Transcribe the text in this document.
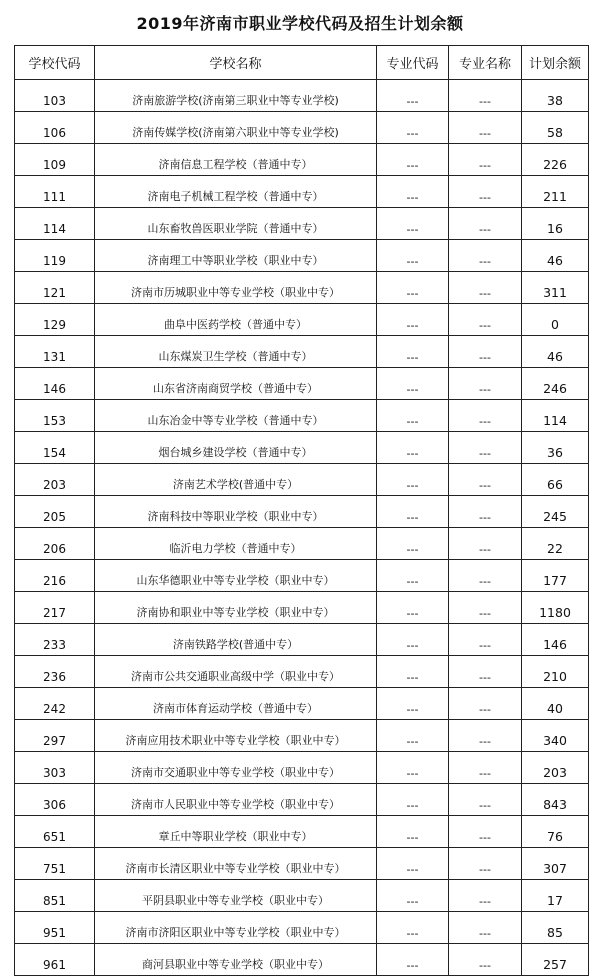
2019年济南市职业学校代码及招生计划余额
学校代码	学校名称	专业代码	专业名称	计划余额
103	济南旅游学校(济南第三职业中等专业学校)	---	---	38
106	济南传媒学校(济南第六职业中等专业学校)	---	---	58
109	济南信息工程学校（普通中专）	---	---	226
111	济南电子机械工程学校（普通中专）	---	---	211
114	山东畜牧兽医职业学院（普通中专）	---	---	16
119	济南理工中等职业学校（职业中专）	---	---	46
121	济南市历城职业中等专业学校（职业中专）	---	---	311
129	曲阜中医药学校（普通中专）	---	---	0
131	山东煤炭卫生学校（普通中专）	---	---	46
146	山东省济南商贸学校（普通中专）	---	---	246
153	山东冶金中等专业学校（普通中专）	---	---	114
154	烟台城乡建设学校（普通中专）	---	---	36
203	济南艺术学校(普通中专）	---	---	66
205	济南科技中等职业学校（职业中专）	---	---	245
206	临沂电力学校（普通中专）	---	---	22
216	山东华德职业中等专业学校（职业中专）	---	---	177
217	济南协和职业中等专业学校（职业中专）	---	---	1180
233	济南铁路学校(普通中专）	---	---	146
236	济南市公共交通职业高级中学（职业中专）	---	---	210
242	济南市体育运动学校（普通中专）	---	---	40
297	济南应用技术职业中等专业学校（职业中专）	---	---	340
303	济南市交通职业中等专业学校（职业中专）	---	---	203
306	济南市人民职业中等专业学校（职业中专）	---	---	843
651	章丘中等职业学校（职业中专）	---	---	76
751	济南市长清区职业中等专业学校（职业中专）	---	---	307
851	平阴县职业中等专业学校（职业中专）	---	---	17
951	济南市济阳区职业中等专业学校（职业中专）	---	---	85
961	商河县职业中等专业学校（职业中专）	---	---	257
